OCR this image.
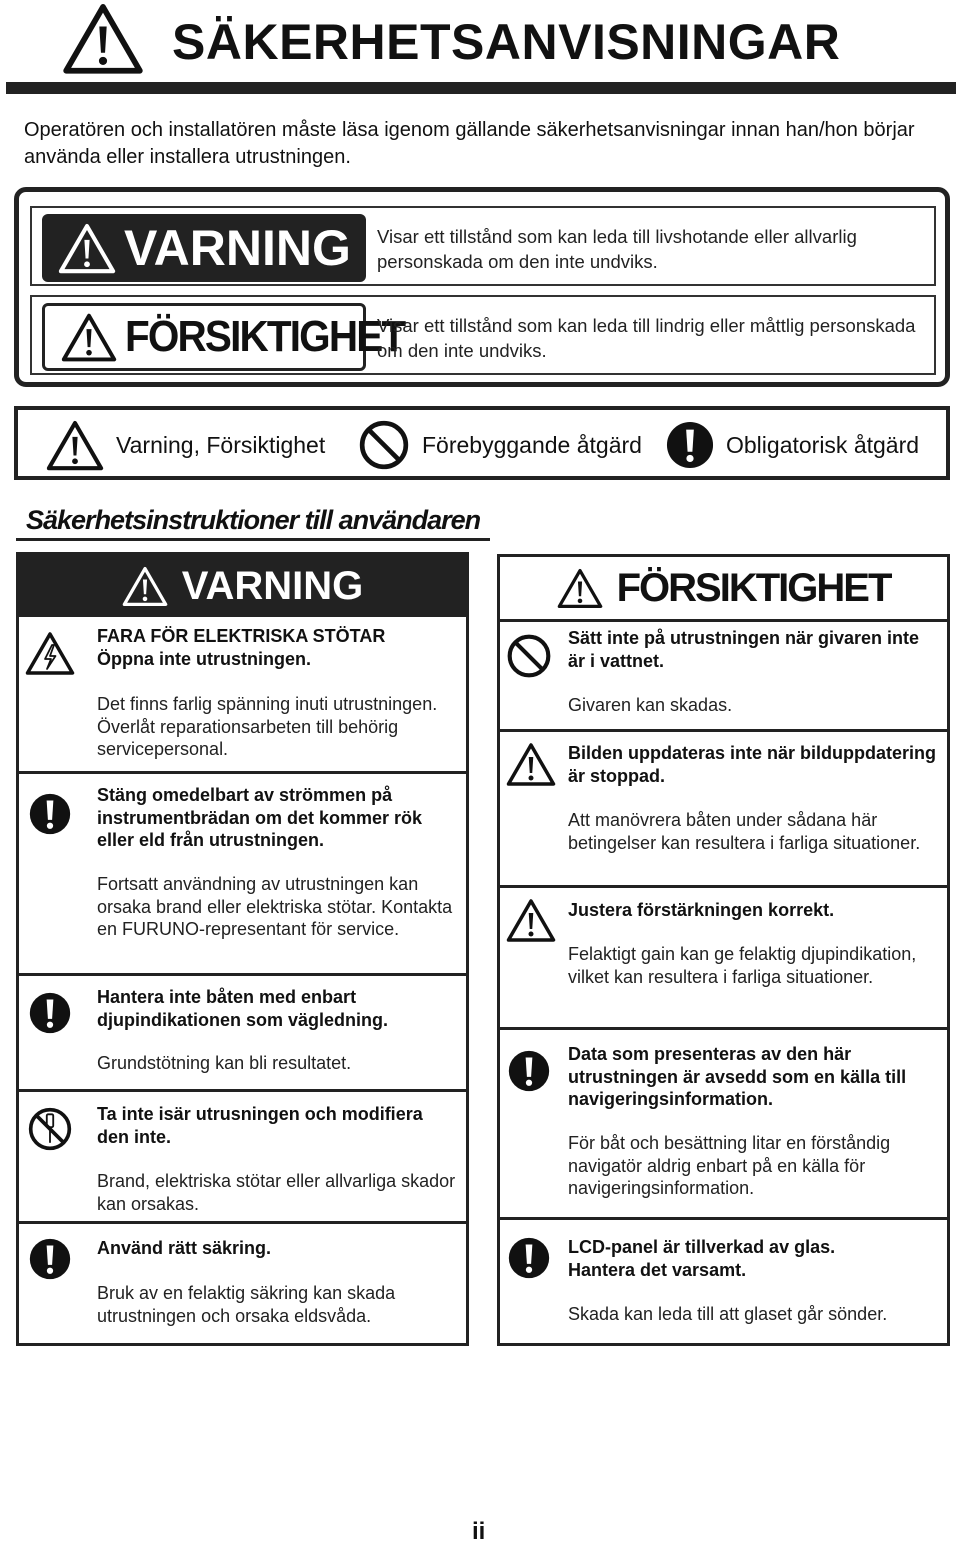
SÄKERHETSANVISNINGAR
Operatören och installatören måste läsa igenom gällande säkerhetsanvisningar innan han/hon börjar använda eller installera utrustningen.
VARNING Visar ett tillstånd som kan leda till livshotande eller allvarlig personskada om den inte undviks.
FÖRSIKTIGHET
Visar ett tillstånd som kan leda till lindrig eller måttlig personskada om den inte undviks.
Varning, Försiktighet	Förebyggande åtgärd	Obligatorisk åtgärd
Säkerhetsinstruktioner till användaren
VARNING
FARA FÖR ELEKTRISKA STÖTAR
Öppna inte utrustningen.
Det finns farlig spänning inuti utrustningen. Överlåt reparationsarbeten till behörig servicepersonal.
Stäng omedelbart av strömmen på instrumentbrädan om det kommer rök eller eld från utrustningen.
Fortsatt användning av utrustningen kan orsaka brand eller elektriska stötar. Kontakta en FURUNO-representant för service.
Hantera inte båten med enbart djupindikationen som vägledning.
Grundstötning kan bli resultatet.
Ta inte isär utrusningen och modifiera den inte.
Brand, elektriska stötar eller allvarliga skador kan orsakas.
Använd rätt säkring.
Bruk av en felaktig säkring kan skada utrustningen och orsaka eldsvåda.
FÖRSIKTIGHET
Sätt inte på utrustningen när givaren inte är i vattnet.
Givaren kan skadas.
Bilden uppdateras inte när bilduppdatering är stoppad.
Att manövrera båten under sådana här betingelser kan resultera i farliga situationer.
Justera förstärkningen korrekt.
Felaktigt gain kan ge felaktig djupindikation, vilket kan resultera i farliga situationer.
Data som presenteras av den här utrustningen är avsedd som en källa till navigeringsinformation.
För båt och besättning litar en förståndig navigatör aldrig enbart på en källa för navigeringsinformation.
LCD-panel är tillverkad av glas.
Hantera det varsamt.
Skada kan leda till att glaset går sönder.
ii
